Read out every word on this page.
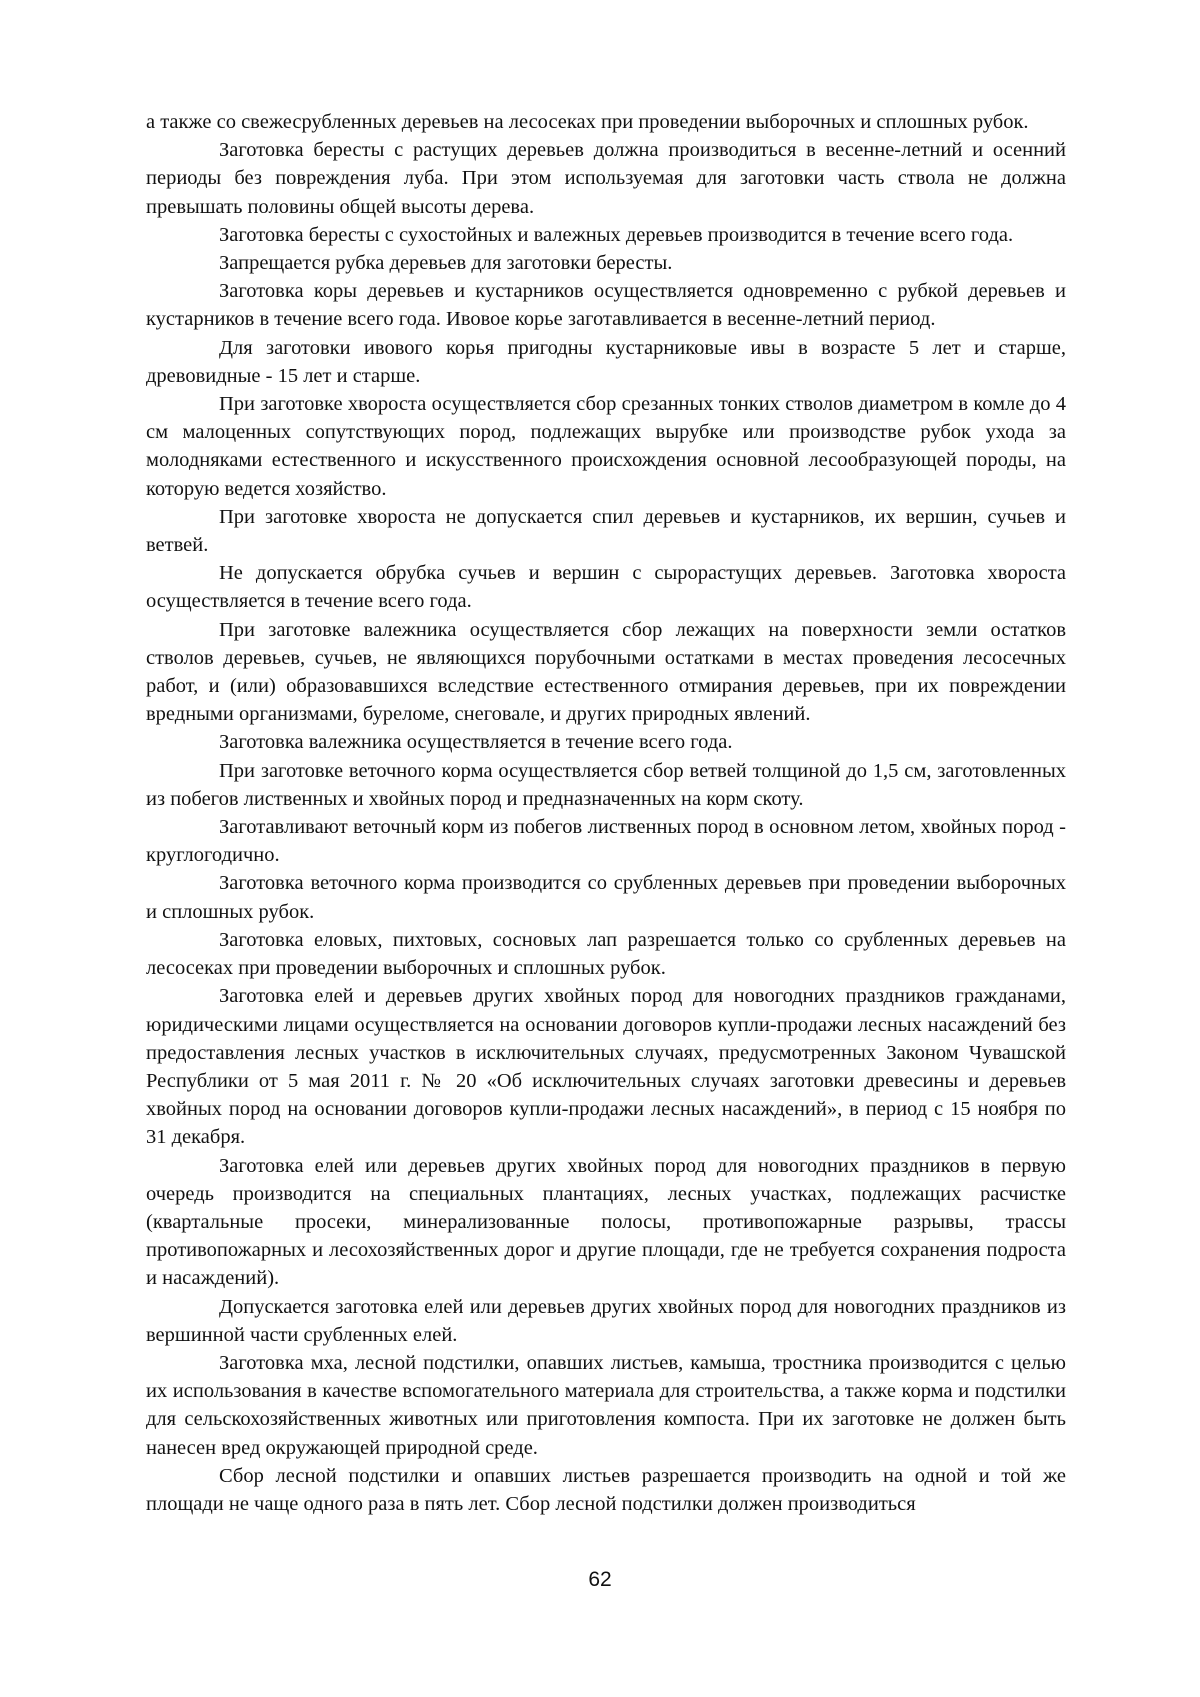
а также со свежесрубленных деревьев на лесосеках при проведении выборочных и сплошных рубок.

Заготовка бересты с растущих деревьев должна производиться в весенне-летний и осенний периоды без повреждения луба. При этом используемая для заготовки часть ствола не должна превышать половины общей высоты дерева.

Заготовка бересты с сухостойных и валежных деревьев производится в течение всего года.

Запрещается рубка деревьев для заготовки бересты.

Заготовка коры деревьев и кустарников осуществляется одновременно с рубкой деревьев и кустарников в течение всего года. Ивовое корье заготавливается в весенне-летний период.

Для заготовки ивового корья пригодны кустарниковые ивы в возрасте 5 лет и старше, древовидные - 15 лет и старше.

При заготовке хвороста осуществляется сбор срезанных тонких стволов диаметром в комле до 4 см малоценных сопутствующих пород, подлежащих вырубке или производстве рубок ухода за молодняками естественного и искусственного происхождения основной лесообразующей породы, на которую ведется хозяйство.

При заготовке хвороста не допускается спил деревьев и кустарников, их вершин, сучьев и ветвей.

Не допускается обрубка сучьев и вершин с сырорастущих деревьев. Заготовка хвороста осуществляется в течение всего года.

При заготовке валежника осуществляется сбор лежащих на поверхности земли остатков стволов деревьев, сучьев, не являющихся порубочными остатками в местах проведения лесосечных работ, и (или) образовавшихся вследствие естественного отмирания деревьев, при их повреждении вредными организмами, буреломе, снеговале, и других природных явлений.

Заготовка валежника осуществляется в течение всего года.

При заготовке веточного корма осуществляется сбор ветвей толщиной до 1,5 см, заготовленных из побегов лиственных и хвойных пород и предназначенных на корм скоту.

Заготавливают веточный корм из побегов лиственных пород в основном летом, хвойных пород - круглогодично.

Заготовка веточного корма производится со срубленных деревьев при проведении выборочных и сплошных рубок.

Заготовка еловых, пихтовых, сосновых лап разрешается только со срубленных деревьев на лесосеках при проведении выборочных и сплошных рубок.

Заготовка елей и деревьев других хвойных пород для новогодних праздников гражданами, юридическими лицами осуществляется на основании договоров купли-продажи лесных насаждений без предоставления лесных участков в исключительных случаях, предусмотренных Законом Чувашской Республики от 5 мая 2011 г. № 20 «Об исключительных случаях заготовки древесины и деревьев хвойных пород на основании договоров купли-продажи лесных насаждений», в период с 15 ноября по 31 декабря.

Заготовка елей или деревьев других хвойных пород для новогодних праздников в первую очередь производится на специальных плантациях, лесных участках, подлежащих расчистке (квартальные просеки, минерализованные полосы, противопожарные разрывы, трассы противопожарных и лесохозяйственных дорог и другие площади, где не требуется сохранения подроста и насаждений).

Допускается заготовка елей или деревьев других хвойных пород для новогодних праздников из вершинной части срубленных елей.

Заготовка мха, лесной подстилки, опавших листьев, камыша, тростника производится с целью их использования в качестве вспомогательного материала для строительства, а также корма и подстилки для сельскохозяйственных животных или приготовления компоста. При их заготовке не должен быть нанесен вред окружающей природной среде.

Сбор лесной подстилки и опавших листьев разрешается производить на одной и той же площади не чаще одного раза в пять лет. Сбор лесной подстилки должен производиться

62
